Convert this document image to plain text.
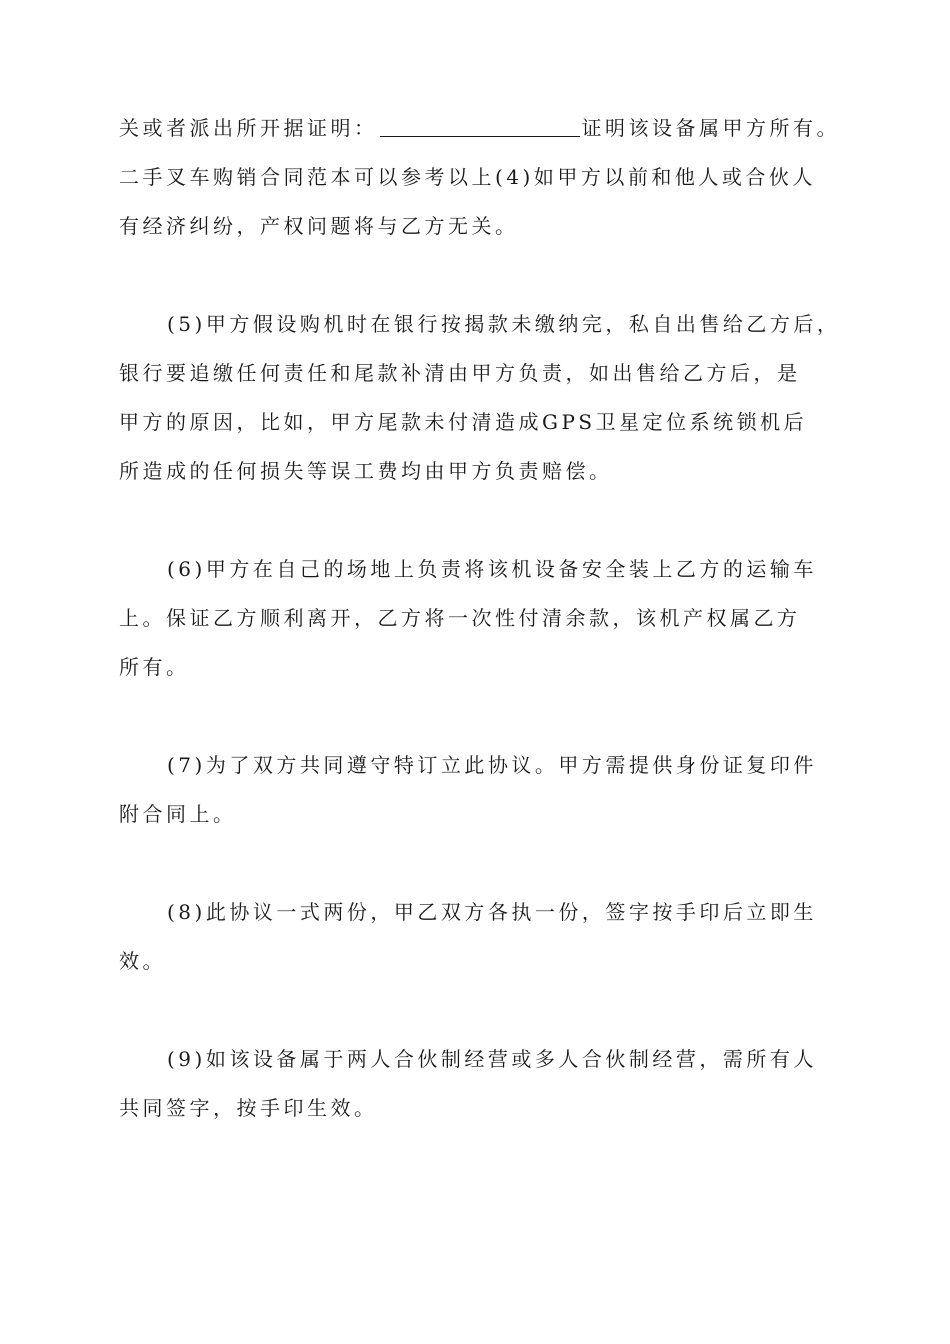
关或者派出所开据证明：	证明该设备属甲方所有。
二手叉车购销合同范本可以参考以上(4)如甲方以前和他人或合伙人
有经济纠纷，产权问题将与乙方无关。
(5)甲方假设购机时在银行按揭款未缴纳完，私自出售给乙方后，
银行要追缴任何责任和尾款补清由甲方负责，如出售给乙方后，是
甲方的原因，比如，甲方尾款未付清造成GPS卫星定位系统锁机后
所造成的任何损失等误工费均由甲方负责赔偿。
(6)甲方在自己的场地上负责将该机设备安全装上乙方的运输车
上。保证乙方顺利离开，乙方将一次性付清余款，该机产权属乙方
所有。
(7)为了双方共同遵守特订立此协议。甲方需提供身份证复印件
附合同上。
(8)此协议一式两份，甲乙双方各执一份，签字按手印后立即生
效。
(9)如该设备属于两人合伙制经营或多人合伙制经营，需所有人
共同签字，按手印生效。
